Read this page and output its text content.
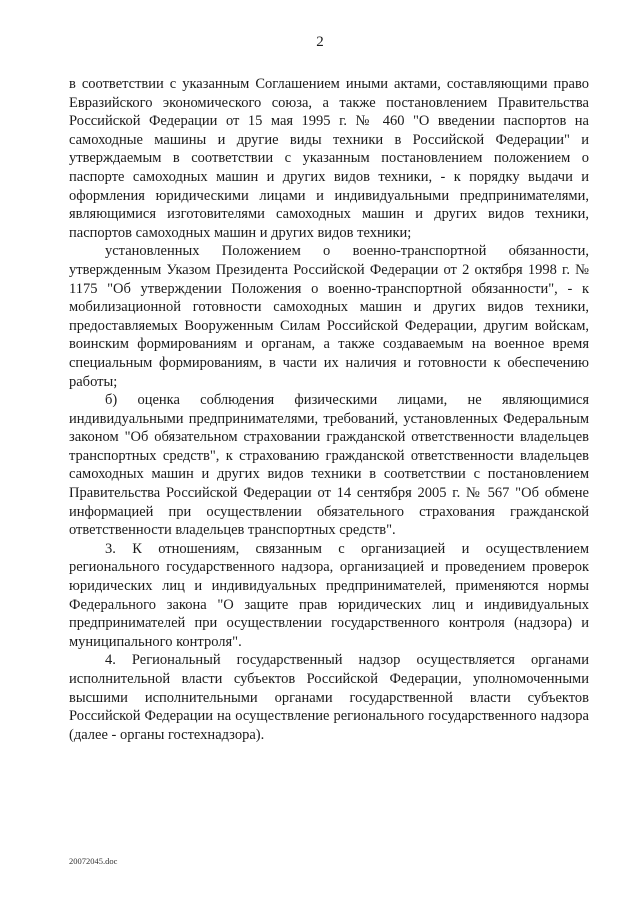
2

в соответствии с указанным Соглашением иными актами, составляющими право Евразийского экономического союза, а также постановлением Правительства Российской Федерации от 15 мая 1995 г. № 460 "О введении паспортов на самоходные машины и другие виды техники в Российской Федерации" и утверждаемым в соответствии с указанным постановлением положением о паспорте самоходных машин и других видов техники, - к порядку выдачи и оформления юридическими лицами и индивидуальными предпринимателями, являющимися изготовителями самоходных машин и других видов техники, паспортов самоходных машин и других видов техники;

установленных Положением о военно-транспортной обязанности, утвержденным Указом Президента Российской Федерации от 2 октября 1998 г. № 1175 "Об утверждении Положения о военно-транспортной обязанности", - к мобилизационной готовности самоходных машин и других видов техники, предоставляемых Вооруженным Силам Российской Федерации, другим войскам, воинским формированиям и органам, а также создаваемым на военное время специальным формированиям, в части их наличия и готовности к обеспечению работы;

б) оценка соблюдения физическими лицами, не являющимися индивидуальными предпринимателями, требований, установленных Федеральным законом "Об обязательном страховании гражданской ответственности владельцев транспортных средств", к страхованию гражданской ответственности владельцев самоходных машин и других видов техники в соответствии с постановлением Правительства Российской Федерации от 14 сентября 2005 г. № 567 "Об обмене информацией при осуществлении обязательного страхования гражданской ответственности владельцев транспортных средств".

3. К отношениям, связанным с организацией и осуществлением регионального государственного надзора, организацией и проведением проверок юридических лиц и индивидуальных предпринимателей, применяются нормы Федерального закона "О защите прав юридических лиц и индивидуальных предпринимателей при осуществлении государственного контроля (надзора) и муниципального контроля".

4. Региональный государственный надзор осуществляется органами исполнительной власти субъектов Российской Федерации, уполномоченными высшими исполнительными органами государственной власти субъектов Российской Федерации на осуществление регионального государственного надзора (далее - органы гостехнадзора).

20072045.doc
